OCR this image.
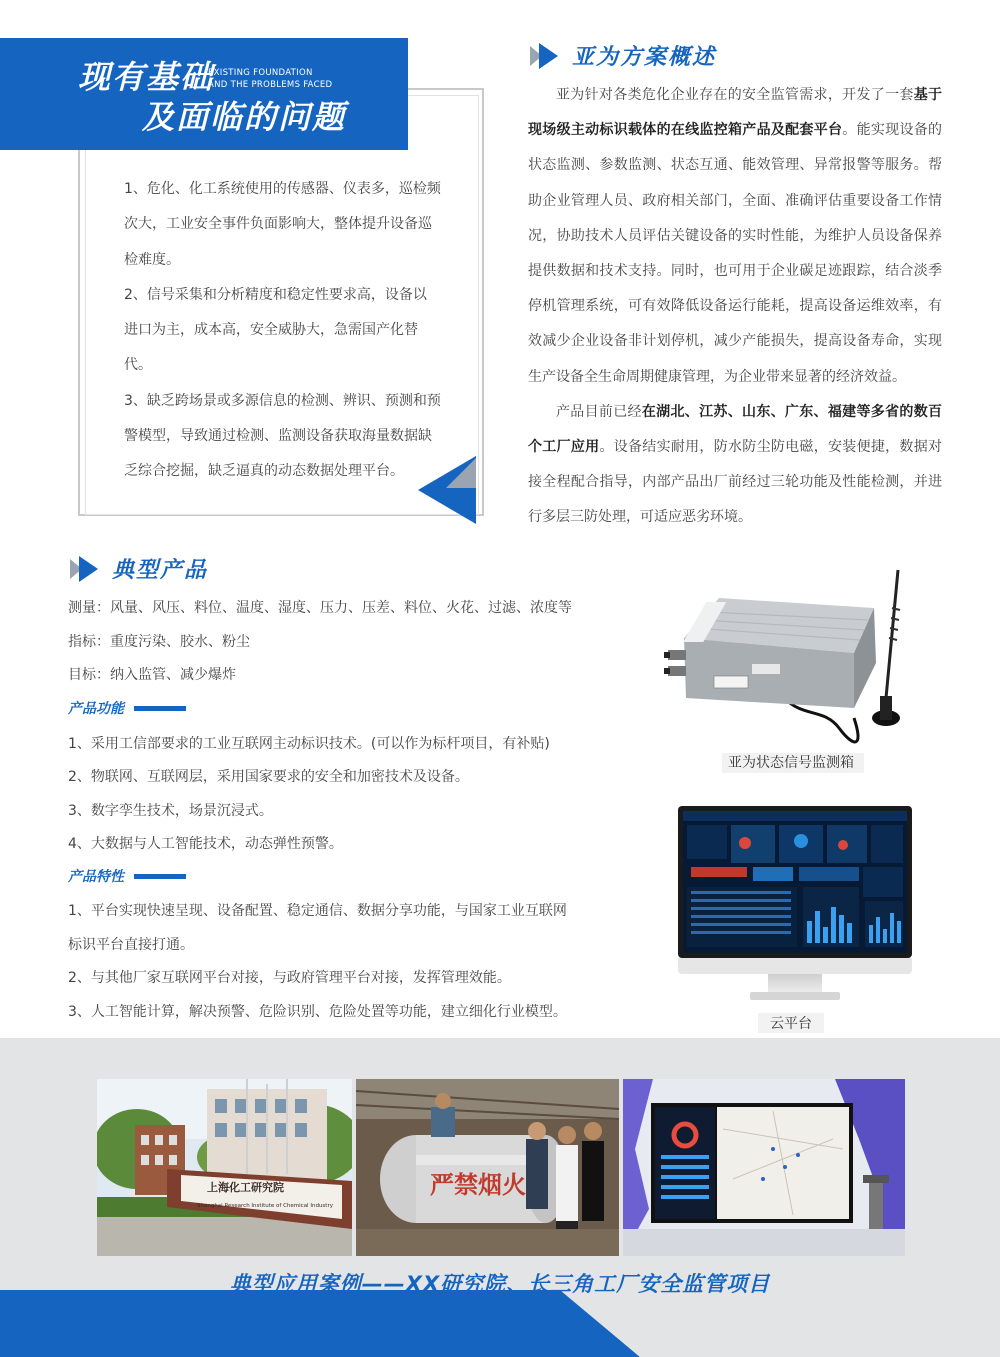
现有基础
及面临的问题
EXISTING FOUNDATION
AND THE PROBLEMS FACED

1、危化、化工系统使用的传感器、仪表多，巡检频

次大，工业安全事件负面影响大，整体提升设备巡

检难度。

2、信号采集和分析精度和稳定性要求高，设备以

进口为主，成本高，安全威胁大，急需国产化替代。

3、缺乏跨场景或多源信息的检测、辨识、预测和预

警模型，导致通过检测、监测设备获取海量数据缺

乏综合挖掘，缺乏逼真的动态数据处理平台。

亚为方案概述

亚为针对各类危化企业存在的安全监管需求，开发了一套基于现场级主动标识载体的在线监控箱产品及配套平台。能实现设备的状态监测、参数监测、状态互通、能效管理、异常报警等服务。帮助企业管理人员、政府相关部门，全面、准确评估重要设备工作情况，协助技术人员评估关键设备的实时性能，为维护人员设备保养提供数据和技术支持。同时，也可用于企业碳足迹跟踪，结合淡季停机管理系统，可有效降低设备运行能耗，提高设备运维效率，有效减少企业设备非计划停机，减少产能损失，提高设备寿命，实现生产设备全生命周期健康管理，为企业带来显著的经济效益。

产品目前已经在湖北、江苏、山东、广东、福建等多省的数百个工厂应用。设备结实耐用，防水防尘防电磁，安装便捷，数据对接全程配合指导，内部产品出厂前经过三轮功能及性能检测，并进行多层三防处理，可适应恶劣环境。

典型产品
测量：风量、风压、料位、温度、湿度、压力、压差、料位、火花、过滤、浓度等
指标：重度污染、胶水、粉尘
目标：纳入监管、减少爆炸
产品功能
1、采用工信部要求的工业互联网主动标识技术。(可以作为标杆项目，有补贴)
2、物联网、互联网层，采用国家要求的安全和加密技术及设备。
3、数字孪生技术，场景沉浸式。
4、大数据与人工智能技术，动态弹性预警。
产品特性
1、平台实现快速呈现、设备配置、稳定通信、数据分享功能，与国家工业互联网
标识平台直接打通。
2、与其他厂家互联网平台对接，与政府管理平台对接，发挥管理效能。
3、人工智能计算，解决预警、危险识别、危险处置等功能，建立细化行业模型。
亚为状态信号监测箱
云平台
上海化工研究院
Shanghai Research Institute of Chemical Industry
严禁烟火
典型应用案例——XX研究院、长三角工厂安全监管项目
